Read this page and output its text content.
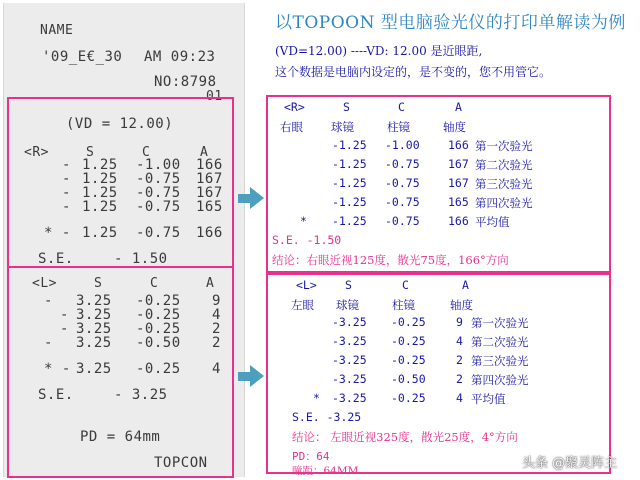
NAME
'09_E€_30 AM 09:23
NO:8798
01
(VD = 12.00)
<R>	S	C	A
- 1.25 -1.00 166
- 1.25 -0.75 167
- 1.25 -0.75 167
- 1.25 -0.75 165
* - 1.25 -0.75 166
S.E.	- 1.50
<L>	S	C	A
- 3.25 -0.25 9
- 3.25 -0.25 4
- 3.25 -0.25 2
- 3.25 -0.50 2
* - 3.25 -0.25 4
S.E.	- 3.25
PD = 64mm
TOPCON
以TOPOON 型电脑验光仪的打印单解读为例
(VD=12.00) ----VD: 12.00 是近眼距,
这个数据是电脑内设定的，是不变的，您不用管它。
<R>	S	C	A
右眼 球镜	柱镜	轴度
-1.25 -1.00 166 第一次验光
-1.25 -0.75 167 第二次验光
-1.25 -0.75 167 第三次验光
-1.25 -0.75 165 第四次验光
* -1.25 -0.75 166 平均值
S.E. -1.50
结论：右眼近视125度，散光75度，166°方向
<L> S	C	A
左眼 球镜	柱镜	轴度
-3.25 -0.25	9 第一次验光
-3.25 -0.25	4 第二次验光
-3.25 -0.25	2 第三次验光
-3.25 -0.50	2 第四次验光
* -3.25 -0.25	4 平均值
S.E. -3.25
结论： 左眼近视325度，散光25度，4°方向
PD：64
瞳距：64MM	头条 @聚灵阵主
